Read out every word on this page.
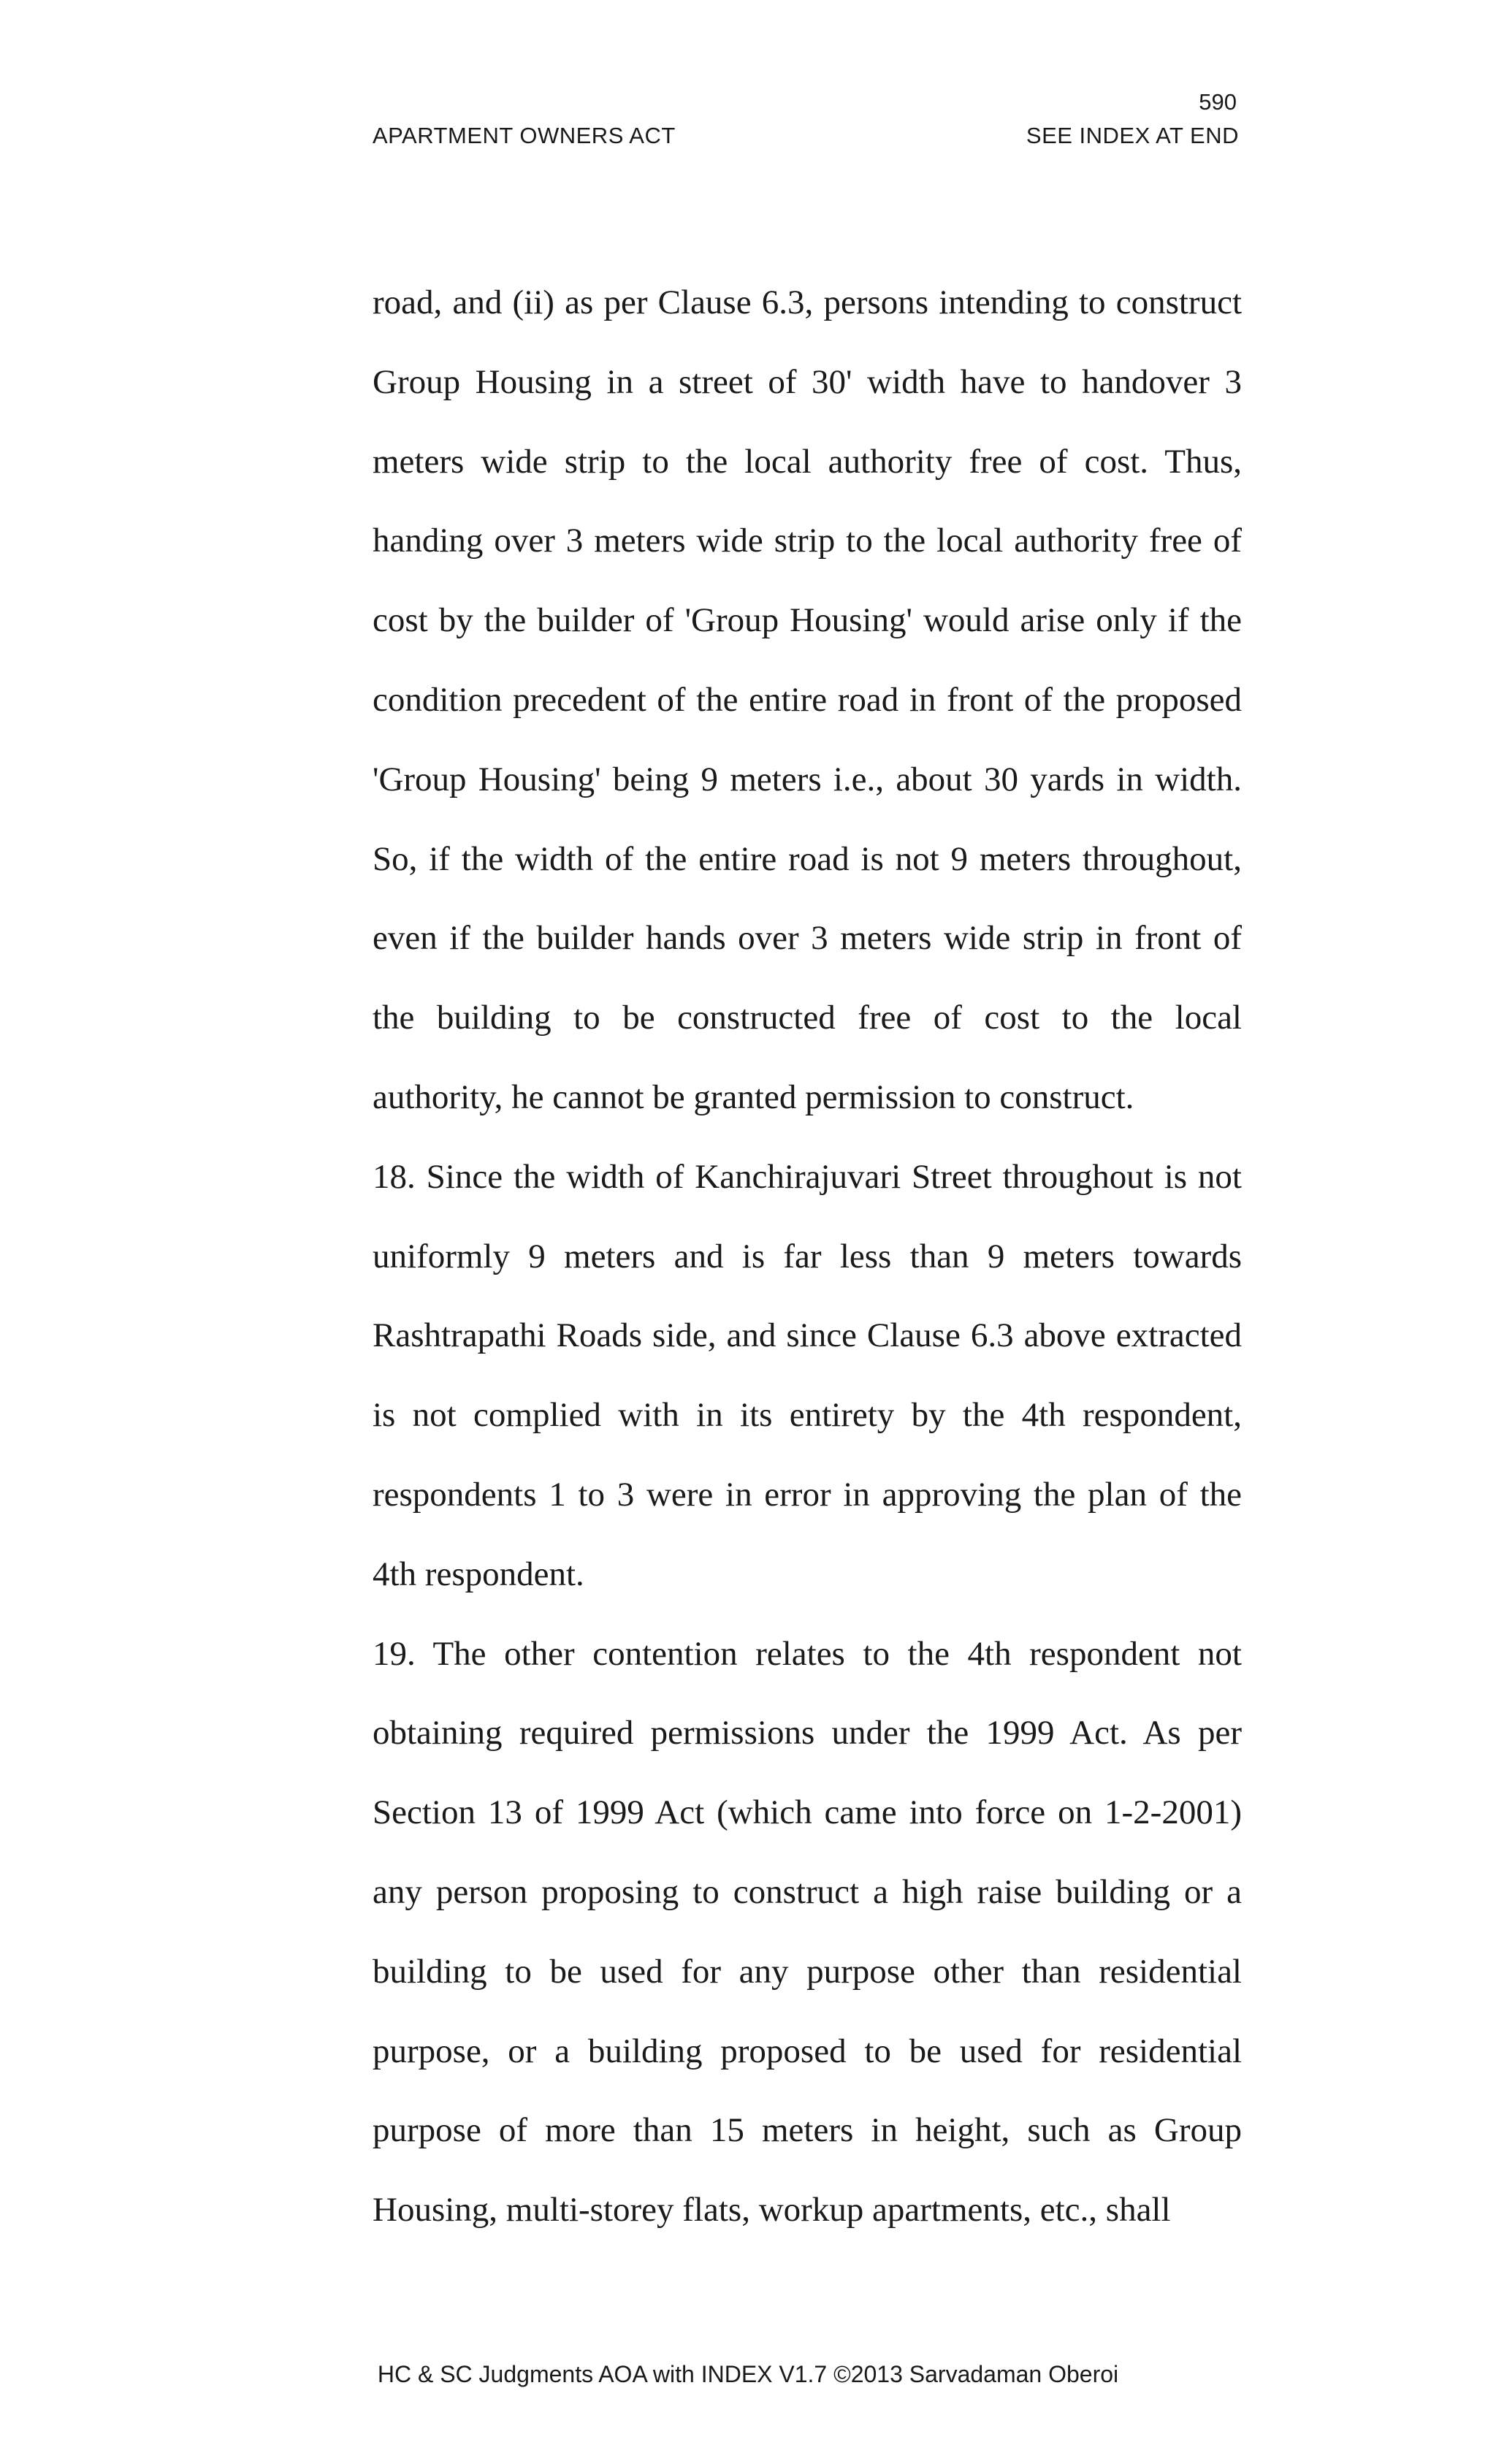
590
APARTMENT OWNERS ACT	SEE INDEX AT END

road, and (ii) as per Clause 6.3, persons intending to construct Group Housing in a street of 30' width have to handover 3 meters wide strip to the local authority free of cost. Thus, handing over 3 meters wide strip to the local authority free of cost by the builder of 'Group Housing' would arise only if the condition precedent of the entire road in front of the proposed 'Group Housing' being 9 meters i.e., about 30 yards in width. So, if the width of the entire road is not 9 meters throughout, even if the builder hands over 3 meters wide strip in front of the building to be constructed free of cost to the local authority, he cannot be granted permission to construct.

18. Since the width of Kanchirajuvari Street throughout is not uniformly 9 meters and is far less than 9 meters towards Rashtrapathi Roads side, and since Clause 6.3 above extracted is not complied with in its entirety by the 4th respondent, respondents 1 to 3 were in error in approving the plan of the 4th respondent.

19. The other contention relates to the 4th respondent not obtaining required permissions under the 1999 Act. As per Section 13 of 1999 Act (which came into force on 1-2-2001) any person proposing to construct a high raise building or a building to be used for any purpose other than residential purpose, or a building proposed to be used for residential purpose of more than 15 meters in height, such as Group Housing, multi-storey flats, workup apartments, etc., shall

HC & SC Judgments AOA with INDEX V1.7 ©2013 Sarvadaman Oberoi
